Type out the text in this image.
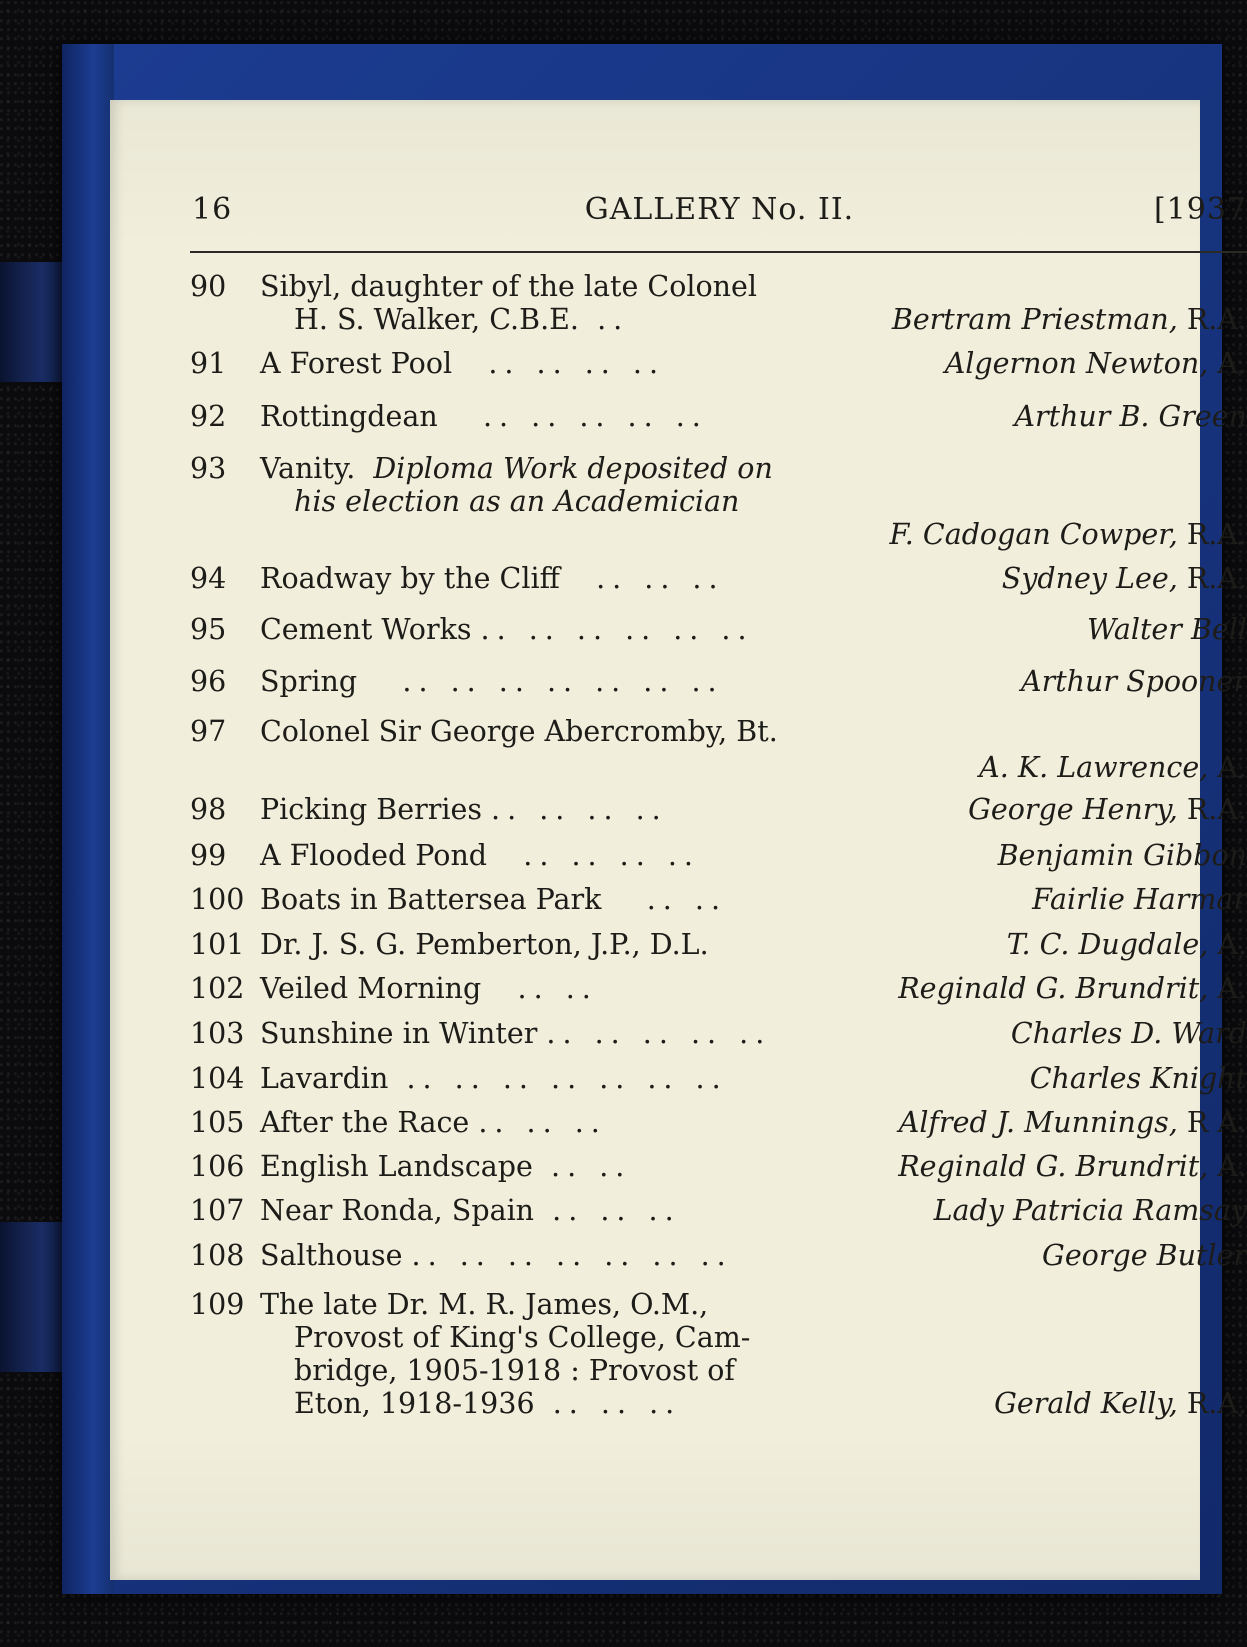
16	GALLERY No. II.	[1937
90 Sibyl, daughter of the late Colonel
H. S. Walker, C.B.E. ..	Bertram Priestman, R.A.
91 A Forest Pool .. .. .. ..	Algernon Newton, A.
92 Rottingdean .. .. .. .. ..	Arthur B. Green
93 Vanity. Diploma Work deposited on
his election as an Academician
F. Cadogan Cowper, R.A.
94 Roadway by the Cliff .. .. ..	Sydney Lee, R.A.
95 Cement Works .. .. .. .. .. ..	Walter Bell
96 Spring .. .. .. .. .. .. ..	Arthur Spooner
97 Colonel Sir George Abercromby, Bt.
A. K. Lawrence, A.
98 Picking Berries .. .. .. ..	George Henry, R.A.
99 A Flooded Pond .. .. .. ..	Benjamin Gibbon
100 Boats in Battersea Park .. ..	Fairlie Harmar
101 Dr. J. S. G. Pemberton, J.P., D.L.	T. C. Dugdale, A.
102 Veiled Morning .. ..	Reginald G. Brundrit, A.
103 Sunshine in Winter .. .. .. .. ..	Charles D. Ward
104 Lavardin .. .. .. .. .. .. ..	Charles Knight
105 After the Race .. .. ..	Alfred J. Munnings, R A.
106 English Landscape .. ..	Reginald G. Brundrit, A.
107 Near Ronda, Spain .. .. ..	Lady Patricia Ramsay
108 Salthouse .. .. .. .. .. .. ..	George Butler
109 The late Dr. M. R. James, O.M.,
Provost of King's College, Cam-
bridge, 1905-1918 : Provost of
Eton, 1918-1936 .. .. ..	Gerald Kelly, R.A.
